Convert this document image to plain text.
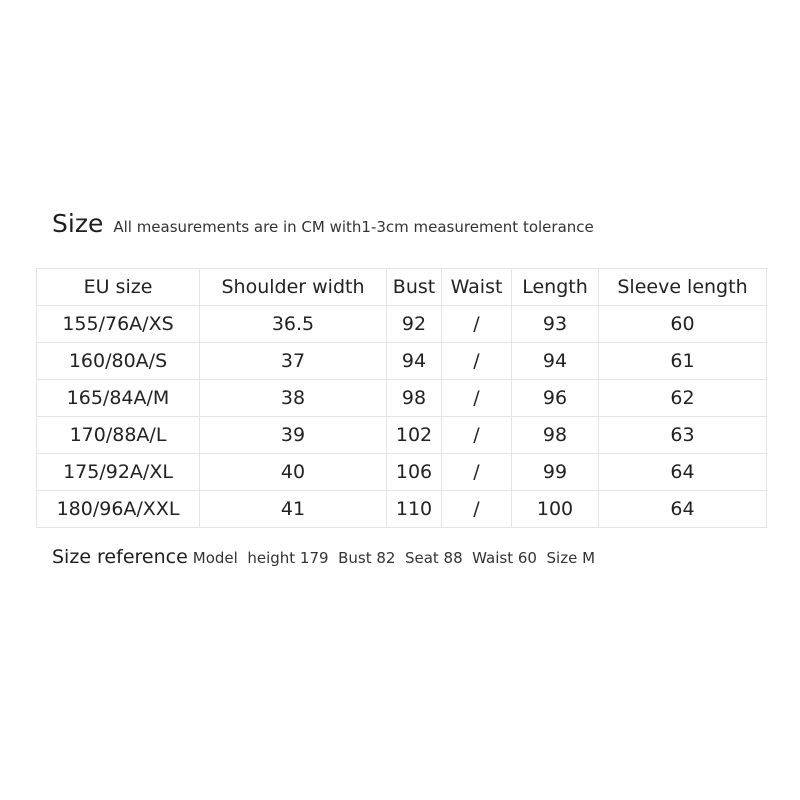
Size All measurements are in CM with1-3cm measurement tolerance
EU size	Shoulder width	Bust	Waist	Length	Sleeve length
155/76A/XS	36.5	92	/	93	60
160/80A/S	37	94	/	94	61
165/84A/M	38	98	/	96	62
170/88A/L	39	102	/	98	63
175/92A/XL	40	106	/	99	64
180/96A/XXL	41	110	/	100	64
Size reference Model  height 179  Bust 82  Seat 88  Waist 60  Size M
